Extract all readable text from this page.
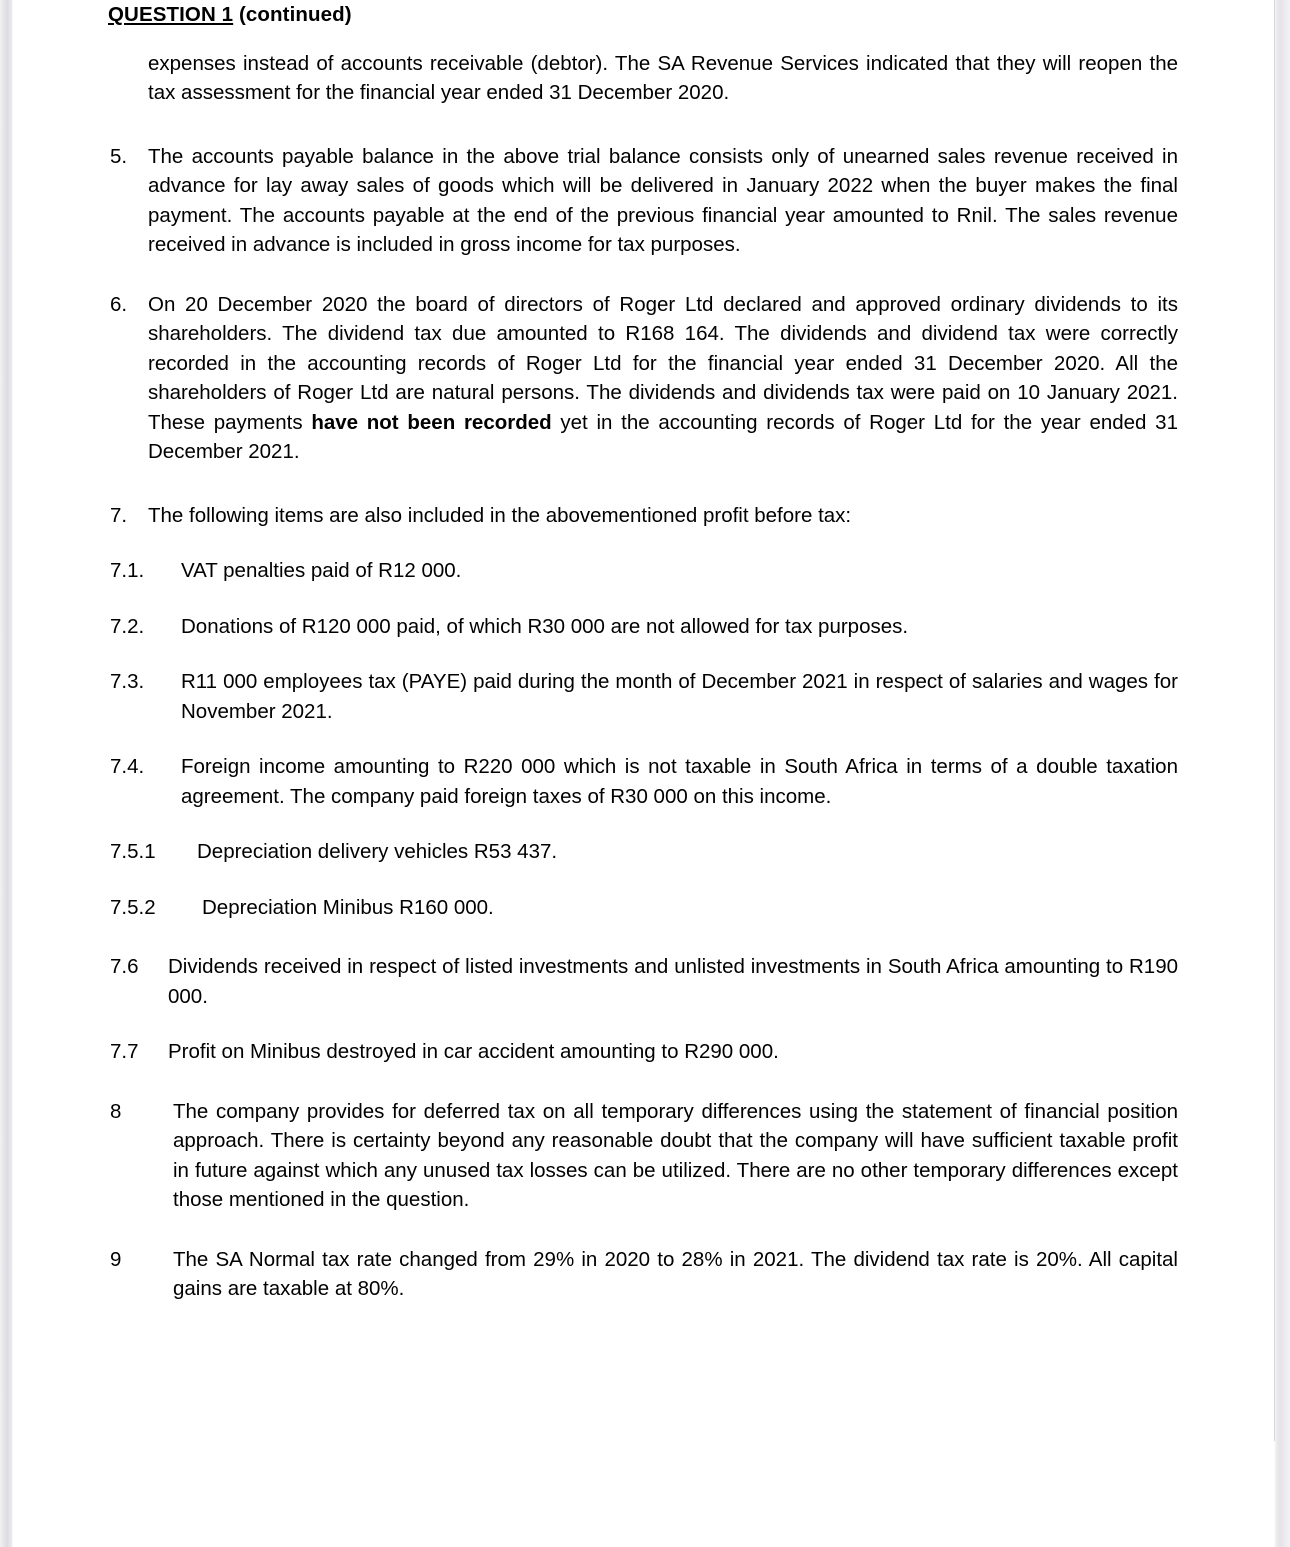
QUESTION 1 (continued)

expenses instead of accounts receivable (debtor). The SA Revenue Services indicated that they will reopen the tax assessment for the financial year ended 31 December 2020.

5.	The accounts payable balance in the above trial balance consists only of unearned sales revenue received in advance for lay away sales of goods which will be delivered in January 2022 when the buyer makes the final payment. The accounts payable at the end of the previous financial year amounted to Rnil. The sales revenue received in advance is included in gross income for tax purposes.

6.	On 20 December 2020 the board of directors of Roger Ltd declared and approved ordinary dividends to its shareholders. The dividend tax due amounted to R168 164. The dividends and dividend tax were correctly recorded in the accounting records of Roger Ltd for the financial year ended 31 December 2020. All the shareholders of Roger Ltd are natural persons. The dividends and dividends tax were paid on 10 January 2021. These payments have not been recorded yet in the accounting records of Roger Ltd for the year ended 31 December 2021.

7.	The following items are also included in the abovementioned profit before tax:

7.1.	VAT penalties paid of R12 000.

7.2.	Donations of R120 000 paid, of which R30 000 are not allowed for tax purposes.

7.3.	R11 000 employees tax (PAYE) paid during the month of December 2021 in respect of salaries and wages for November 2021.

7.4.	Foreign income amounting to R220 000 which is not taxable in South Africa in terms of a double taxation agreement. The company paid foreign taxes of R30 000 on this income.

7.5.1	Depreciation delivery vehicles R53 437.

7.5.2	Depreciation Minibus R160 000.

7.6	Dividends received in respect of listed investments and unlisted investments in South Africa amounting to R190 000.

7.7	Profit on Minibus destroyed in car accident amounting to R290 000.

8	The company provides for deferred tax on all temporary differences using the statement of financial position approach. There is certainty beyond any reasonable doubt that the company will have sufficient taxable profit in future against which any unused tax losses can be utilized. There are no other temporary differences except those mentioned in the question.

9	The SA Normal tax rate changed from 29% in 2020 to 28% in 2021. The dividend tax rate is 20%. All capital gains are taxable at 80%.
